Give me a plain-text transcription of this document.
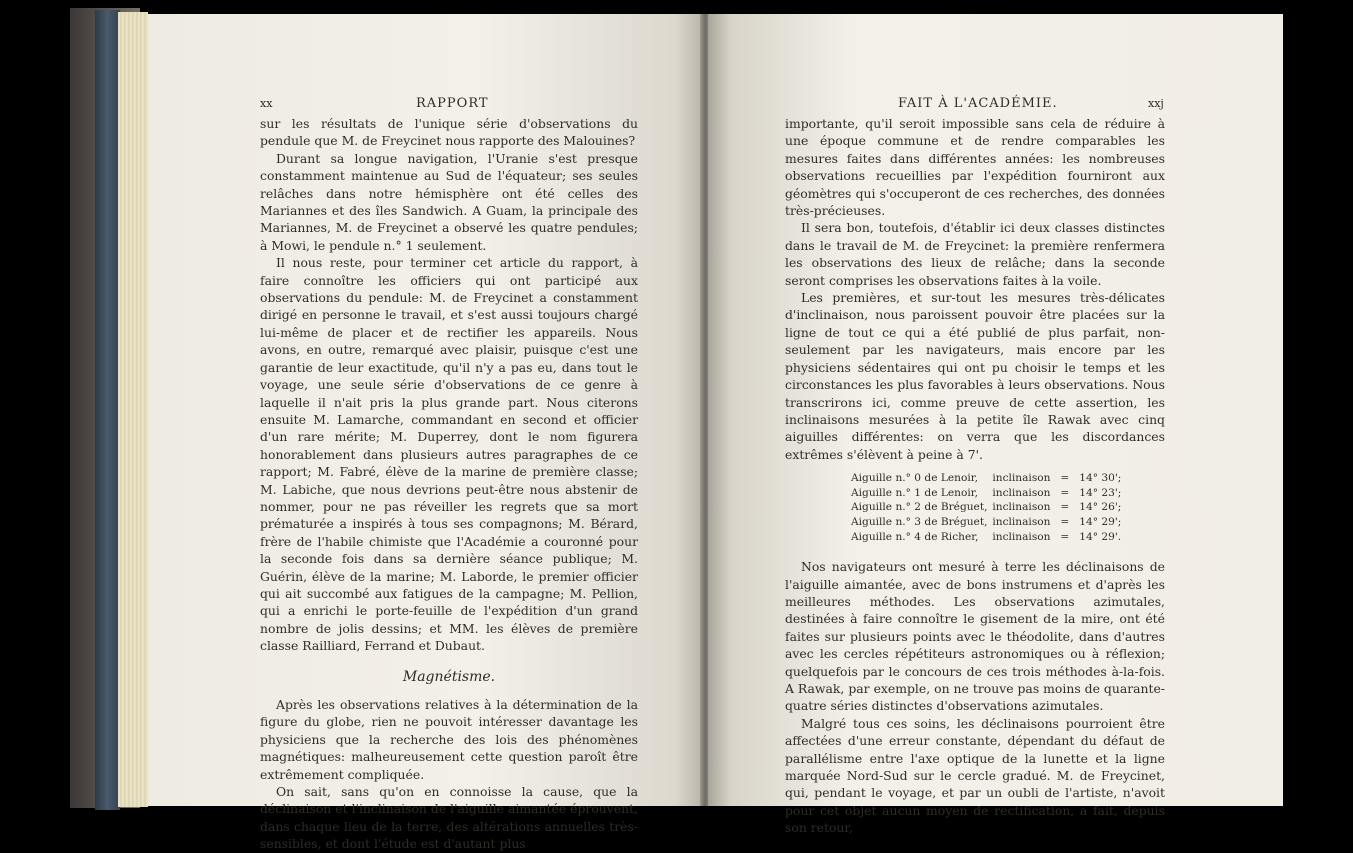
xx	RAPPORT	FAIT À L'ACADÉMIE.	xxj

sur les résultats de l'unique série d'observations du pendule que M. de Freycinet nous rapporte des Malouines?

Durant sa longue navigation, l'Uranie s'est presque constamment maintenue au Sud de l'équateur; ses seules relâches dans notre hémisphère ont été celles des Mariannes et des îles Sandwich. A Guam, la principale des Mariannes, M. de Freycinet a observé les quatre pendules; à Mowi, le pendule n.° 1 seulement.

Il nous reste, pour terminer cet article du rapport, à faire connoître les officiers qui ont participé aux observations du pendule: M. de Freycinet a constamment dirigé en personne le travail, et s'est aussi toujours chargé lui-même de placer et de rectifier les appareils. Nous avons, en outre, remarqué avec plaisir, puisque c'est une garantie de leur exactitude, qu'il n'y a pas eu, dans tout le voyage, une seule série d'observations de ce genre à laquelle il n'ait pris la plus grande part. Nous citerons ensuite M. Lamarche, commandant en second et officier d'un rare mérite; M. Duperrey, dont le nom figurera honorablement dans plusieurs autres paragraphes de ce rapport; M. Fabré, élève de la marine de première classe; M. Labiche, que nous devrions peut-être nous abstenir de nommer, pour ne pas réveiller les regrets que sa mort prématurée a inspirés à tous ses compagnons; M. Bérard, frère de l'habile chimiste que l'Académie a couronné pour la seconde fois dans sa dernière séance publique; M. Guérin, élève de la marine; M. Laborde, le premier officier qui ait succombé aux fatigues de la campagne; M. Pellion, qui a enrichi le porte-feuille de l'expédition d'un grand nombre de jolis dessins; et MM. les élèves de première classe Railliard, Ferrand et Dubaut.

Magnétisme.

Après les observations relatives à la détermination de la figure du globe, rien ne pouvoit intéresser davantage les physiciens que la recherche des lois des phénomènes magnétiques: malheureusement cette question paroît être extrêmement compliquée.

On sait, sans qu'on en connoisse la cause, que la déclinaison et l'inclinaison de l'aiguille aimantée éprouvent, dans chaque lieu de la terre, des altérations annuelles très-sensibles, et dont l'étude est d'autant plus

importante, qu'il seroit impossible sans cela de réduire à une époque commune et de rendre comparables les mesures faites dans différentes années: les nombreuses observations recueillies par l'expédition fourniront aux géomètres qui s'occuperont de ces recherches, des données très-précieuses.

Il sera bon, toutefois, d'établir ici deux classes distinctes dans le travail de M. de Freycinet: la première renfermera les observations des lieux de relâche; dans la seconde seront comprises les observations faites à la voile.

Les premières, et sur-tout les mesures très-délicates d'inclinaison, nous paroissent pouvoir être placées sur la ligne de tout ce qui a été publié de plus parfait, non-seulement par les navigateurs, mais encore par les physiciens sédentaires qui ont pu choisir le temps et les circonstances les plus favorables à leurs observations. Nous transcrirons ici, comme preuve de cette assertion, les inclinaisons mesurées à la petite île Rawak avec cinq aiguilles différentes: on verra que les discordances extrêmes s'élèvent à peine à 7'.

Aiguille n.° 0 de Lenoir, inclinaison = 14° 30';
Aiguille n.° 1 de Lenoir, inclinaison = 14° 23';
Aiguille n.° 2 de Bréguet, inclinaison = 14° 26';
Aiguille n.° 3 de Bréguet, inclinaison = 14° 29';
Aiguille n.° 4 de Richer, inclinaison = 14° 29'.

Nos navigateurs ont mesuré à terre les déclinaisons de l'aiguille aimantée, avec de bons instrumens et d'après les meilleures méthodes. Les observations azimutales, destinées à faire connoître le gisement de la mire, ont été faites sur plusieurs points avec le théodolite, dans d'autres avec les cercles répétiteurs astronomiques ou à réflexion; quelquefois par le concours de ces trois méthodes à-la-fois. A Rawak, par exemple, on ne trouve pas moins de quarante-quatre séries distinctes d'observations azimutales.

Malgré tous ces soins, les déclinaisons pourroient être affectées d'une erreur constante, dépendant du défaut de parallélisme entre l'axe optique de la lunette et la ligne marquée Nord-Sud sur le cercle gradué. M. de Freycinet, qui, pendant le voyage, et par un oubli de l'artiste, n'avoit pour cet objet aucun moyen de rectification, a fait, depuis son retour,
